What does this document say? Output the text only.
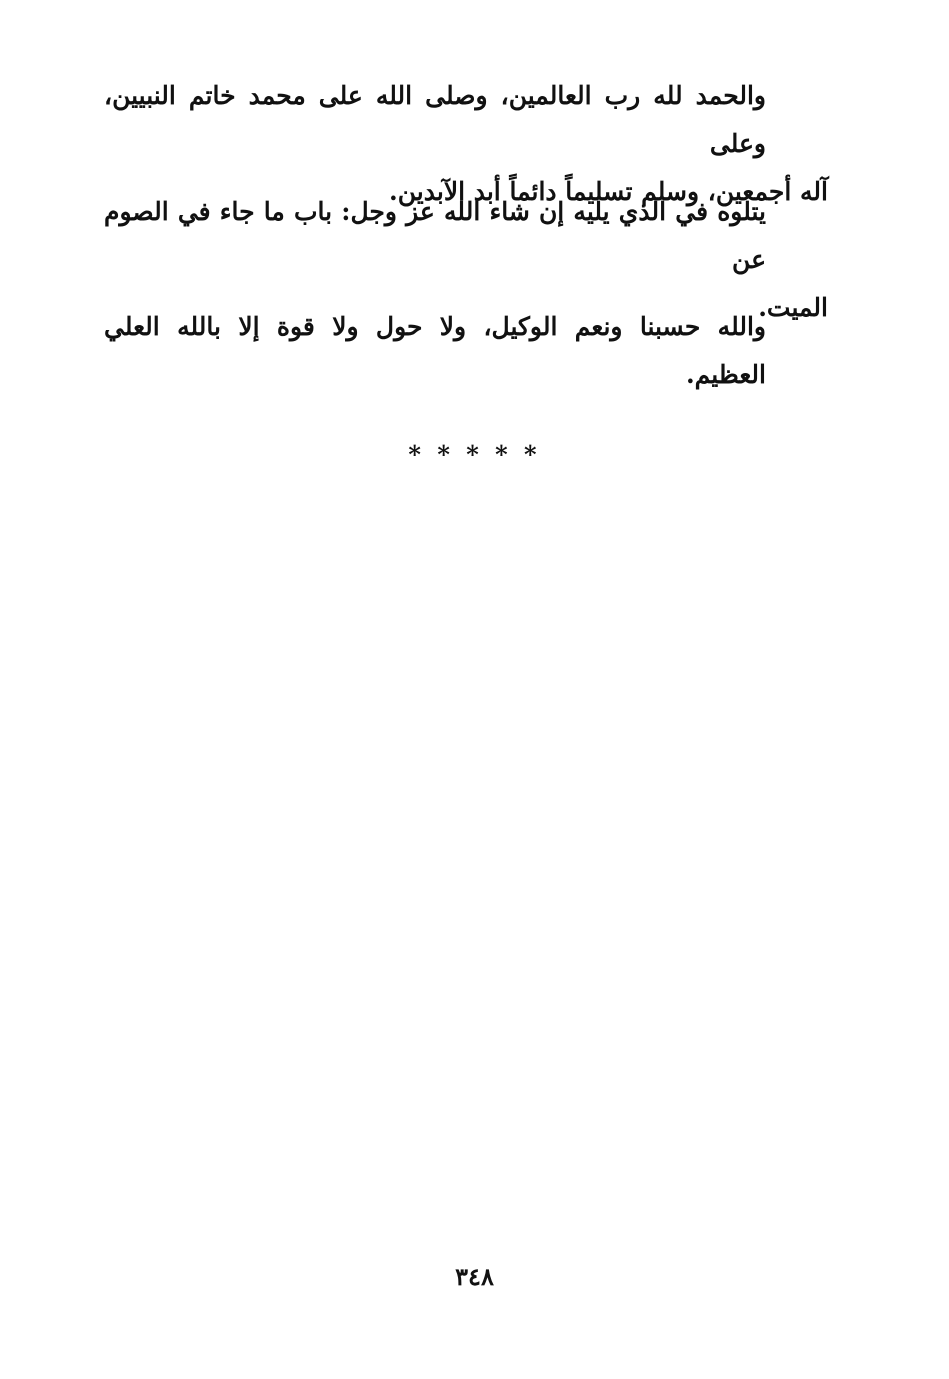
والحمد لله رب العالمين، وصلى الله على محمد خاتم النبيين، وعلى
آله أجمعين، وسلم تسليماً دائماً أبد الآبدين.
يتلوه في الذي يليه إن شاء الله عز وجل: باب ما جاء في الصوم عن
الميت.
والله حسبنا ونعم الوكيل، ولا حول ولا قوة إلا بالله العلي العظيم.
* * * * *
٣٤٨
